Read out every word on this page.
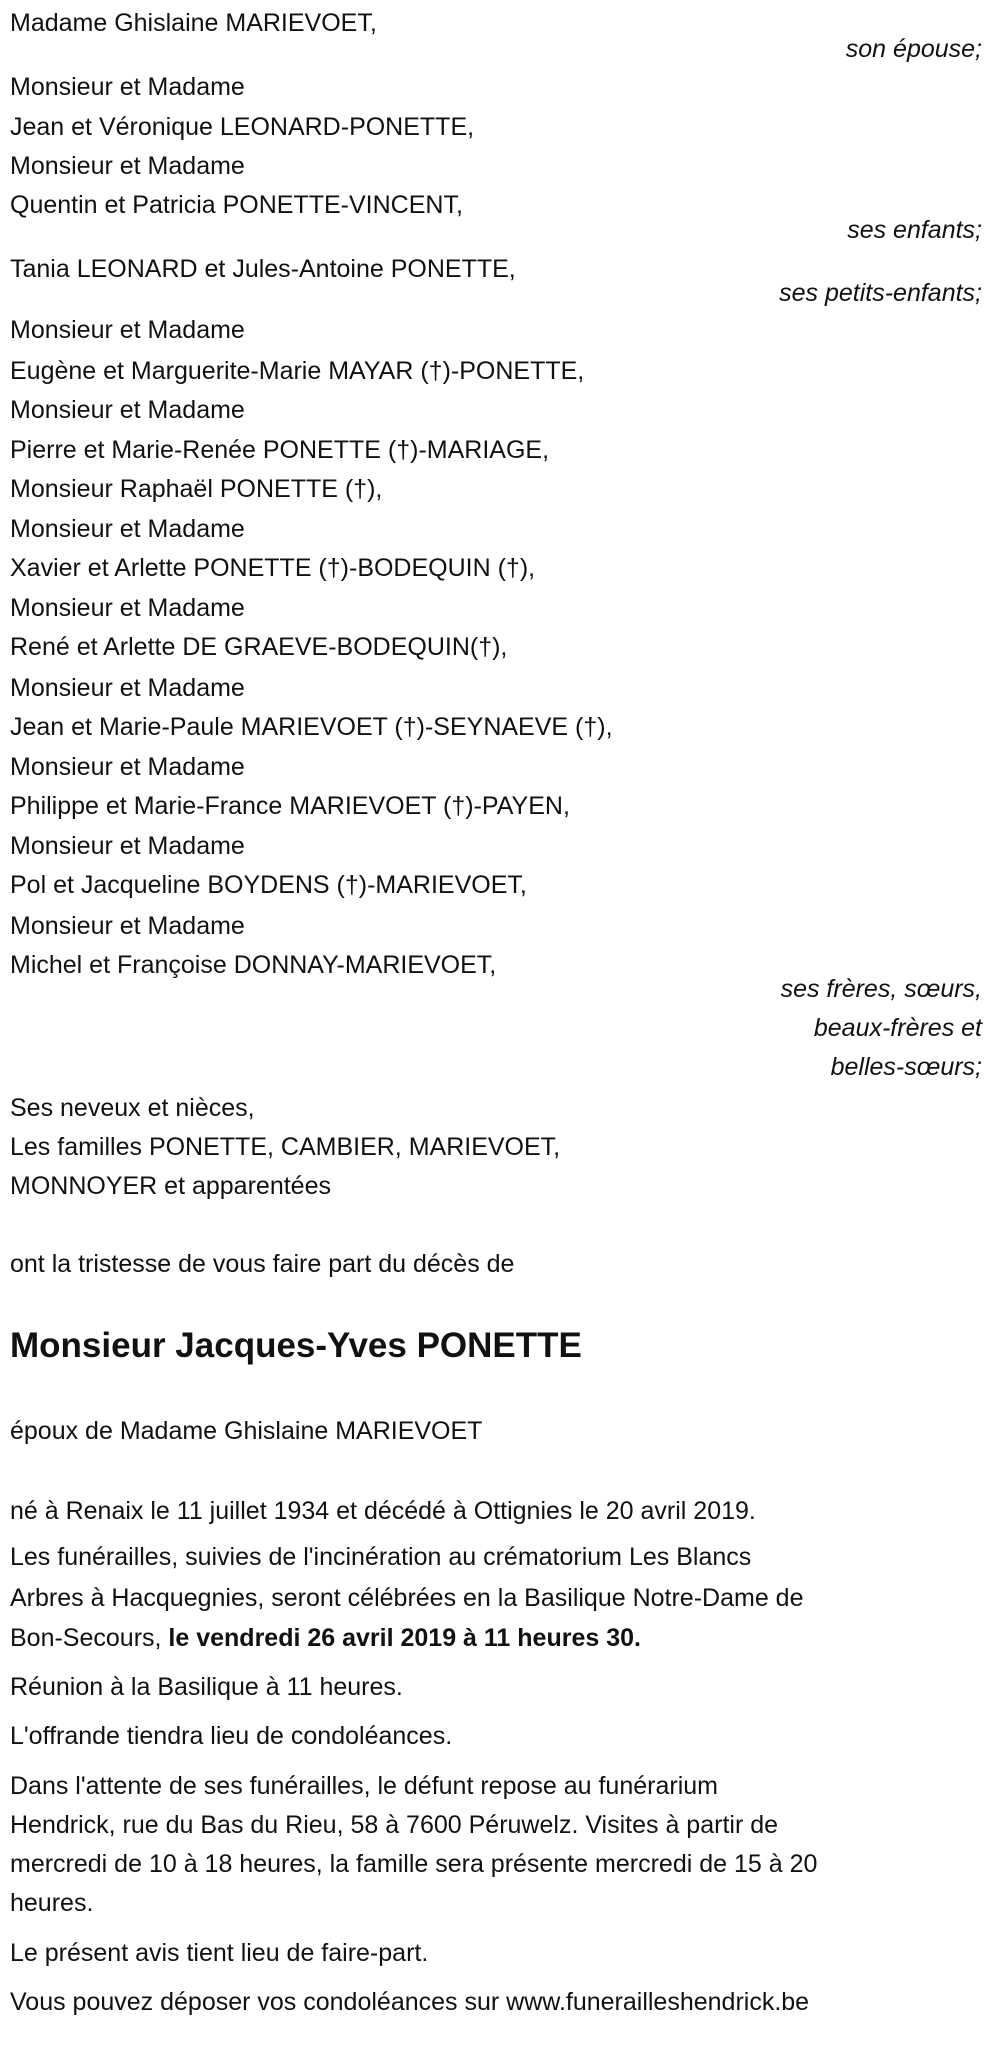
Madame Ghislaine MARIEVOET,
son épouse;
Monsieur et Madame
Jean et Véronique LEONARD-PONETTE,
Monsieur et Madame
Quentin et Patricia PONETTE-VINCENT,
ses enfants;
Tania LEONARD et Jules-Antoine PONETTE,
ses petits-enfants;
Monsieur et Madame
Eugène et Marguerite-Marie MAYAR (†)-PONETTE,
Monsieur et Madame
Pierre et Marie-Renée PONETTE (†)-MARIAGE,
Monsieur Raphaël PONETTE (†),
Monsieur et Madame
Xavier et Arlette PONETTE (†)-BODEQUIN (†),
Monsieur et Madame
René et Arlette DE GRAEVE-BODEQUIN(†),
Monsieur et Madame
Jean et Marie-Paule MARIEVOET (†)-SEYNAEVE (†),
Monsieur et Madame
Philippe et Marie-France MARIEVOET (†)-PAYEN,
Monsieur et Madame
Pol et Jacqueline BOYDENS (†)-MARIEVOET,
Monsieur et Madame
Michel et Françoise DONNAY-MARIEVOET,
ses frères, sœurs,
beaux-frères et
belles-sœurs;
Ses neveux et nièces,
Les familles PONETTE, CAMBIER, MARIEVOET,
MONNOYER et apparentées
ont la tristesse de vous faire part du décès de
Monsieur Jacques-Yves PONETTE
époux de Madame Ghislaine MARIEVOET
né à Renaix le 11 juillet 1934 et décédé à Ottignies le 20 avril 2019.
Les funérailles, suivies de l'incinération au crématorium Les Blancs
Arbres à Hacquegnies, seront célébrées en la Basilique Notre-Dame de
Bon-Secours, le vendredi 26 avril 2019 à 11 heures 30.
Réunion à la Basilique à 11 heures.
L'offrande tiendra lieu de condoléances.
Dans l'attente de ses funérailles, le défunt repose au funérarium
Hendrick, rue du Bas du Rieu, 58 à 7600 Péruwelz. Visites à partir de
mercredi de 10 à 18 heures, la famille sera présente mercredi de 15 à 20
heures.
Le présent avis tient lieu de faire-part.
Vous pouvez déposer vos condoléances sur www.funerailleshendrick.be
